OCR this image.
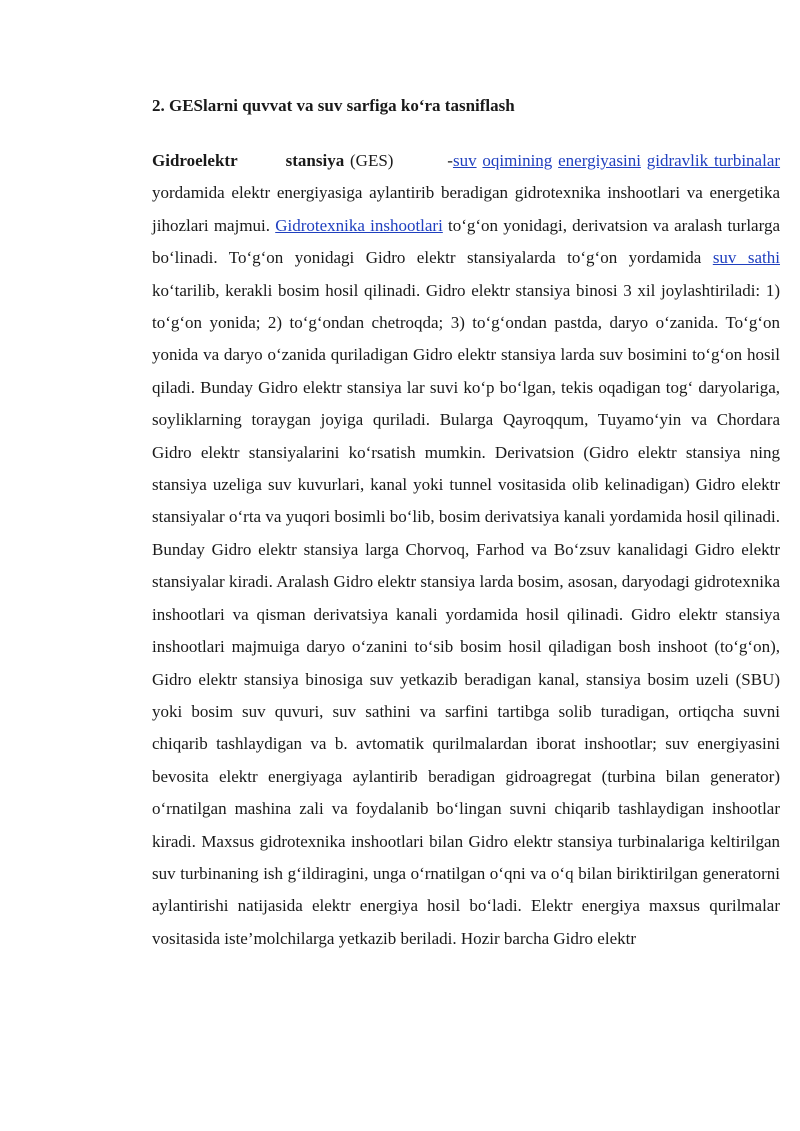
2. GESlarni quvvat va suv sarfiga ko‘ra tasniflash

Gidroelektr	stansiya (GES)	-suv oqimining energiyasini gidravlik turbinalar yordamida elektr energiyasiga aylantirib beradigan gidrotexnika inshootlari va energetika jihozlari majmui. Gidrotexnika inshootlari to‘g‘on yonidagi, derivatsion va aralash turlarga bo‘linadi. To‘g‘on yonidagi Gidro elektr stansiyalarda to‘g‘on yordamida suv sathi ko‘tarilib, kerakli bosim hosil qilinadi. Gidro elektr stansiya binosi 3 xil joylashtiriladi: 1) to‘g‘on yonida; 2) to‘g‘ondan chetroqda; 3) to‘g‘ondan pastda, daryo o‘zanida. To‘g‘on yonida va daryo o‘zanida quriladigan Gidro elektr stansiya larda suv bosimini to‘g‘on hosil qiladi. Bunday Gidro elektr stansiya lar suvi ko‘p bo‘lgan, tekis oqadigan tog‘ daryolariga, soyliklarning toraygan joyiga quriladi. Bularga Qayroqqum, Tuyamo‘yin va Chordara Gidro elektr stansiyalarini ko‘rsatish mumkin. Derivatsion (Gidro elektr stansiya ning stansiya uzeliga suv kuvurlari, kanal yoki tunnel vositasida olib kelinadigan) Gidro elektr stansiyalar o‘rta va yuqori bosimli bo‘lib, bosim derivatsiya kanali yordamida hosil qilinadi. Bunday Gidro elektr stansiya larga Chorvoq, Farhod va Bo‘zsuv kanalidagi Gidro elektr stansiyalar kiradi. Aralash Gidro elektr stansiya larda bosim, asosan, daryodagi gidrotexnika inshootlari va qisman derivatsiya kanali yordamida hosil qilinadi. Gidro elektr stansiya inshootlari majmuiga daryo o‘zanini to‘sib bosim hosil qiladigan bosh inshoot (to‘g‘on), Gidro elektr stansiya binosiga suv yetkazib beradigan kanal, stansiya bosim uzeli (SBU) yoki bosim suv quvuri, suv sathini va sarfini tartibga solib turadigan, ortiqcha suvni chiqarib tashlaydigan va b. avtomatik qurilmalardan iborat inshootlar; suv energiyasini bevosita elektr energiyaga aylantirib beradigan gidroagregat (turbina bilan generator) o‘rnatilgan mashina zali va foydalanib bo‘lingan suvni chiqarib tashlaydigan inshootlar kiradi. Maxsus gidrotexnika inshootlari bilan Gidro elektr stansiya turbinalariga keltirilgan suv turbinaning ish g‘ildiragini, unga o‘rnatilgan o‘qni va o‘q bilan biriktirilgan generatorni aylantirishi natijasida elektr energiya hosil bo‘ladi. Elektr energiya maxsus qurilmalar vositasida iste’molchilarga yetkazib beriladi. Hozir barcha Gidro elektr
